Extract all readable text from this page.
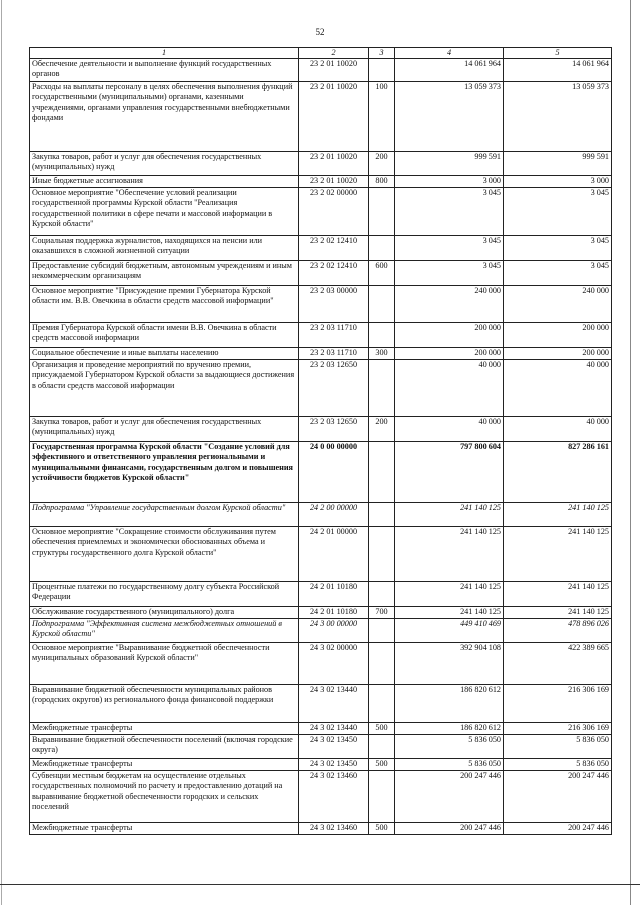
52
1	2	3	4	5
Обеспечение деятельности и выполнение функций государственных органов	23 2 01 10020		14 061 964	14 061 964
Расходы на выплаты персоналу в целях обеспечения выполнения функций государственными (муниципальными) органами, казенными учреждениями, органами управления государственными внебюджетными фондами	23 2 01 10020	100	13 059 373	13 059 373
Закупка товаров, работ и услуг для обеспечения государственных (муниципальных) нужд	23 2 01 10020	200	999 591	999 591
Иные бюджетные ассигнования	23 2 01 10020	800	3 000	3 000
Основное мероприятие "Обеспечение условий реализации государственной программы Курской области "Реализация государственной политики в сфере печати и массовой информации в Курской области"	23 2 02 00000		3 045	3 045
Социальная поддержка журналистов, находящихся на пенсии или оказавшихся в сложной жизненной ситуации	23 2 02 12410		3 045	3 045
Предоставление субсидий бюджетным, автономным учреждениям и иным некоммерческим организациям	23 2 02 12410	600	3 045	3 045
Основное мероприятие "Присуждение премии Губернатора Курской области им. В.В. Овечкина в области средств массовой информации"	23 2 03 00000		240 000	240 000
Премия Губернатора Курской области имени В.В. Овечкина в области средств массовой информации	23 2 03 11710		200 000	200 000
Социальное обеспечение и иные выплаты населению	23 2 03 11710	300	200 000	200 000
Организация и проведение мероприятий по вручению премии, присуждаемой Губернатором Курской области за выдающиеся достижения в области средств массовой информации	23 2 03 12650		40 000	40 000
Закупка товаров, работ и услуг для обеспечения государственных (муниципальных) нужд	23 2 03 12650	200	40 000	40 000
Государственная программа Курской области "Создание условий для эффективного и ответственного управления региональными и муниципальными финансами, государственным долгом и повышения устойчивости бюджетов Курской области"	24 0 00 00000		797 800 604	827 286 161
Подпрограмма "Управление государственным долгом Курской области"	24 2 00 00000		241 140 125	241 140 125
Основное мероприятие "Сокращение стоимости обслуживания путем обеспечения приемлемых и экономически обоснованных объема и структуры государственного долга Курской области"	24 2 01 00000		241 140 125	241 140 125
Процентные платежи по государственному долгу субъекта Российской Федерации	24 2 01 10180		241 140 125	241 140 125
Обслуживание государственного (муниципального) долга	24 2 01 10180	700	241 140 125	241 140 125
Подпрограмма "Эффективная система межбюджетных отношений в Курской области"	24 3 00 00000		449 410 469	478 896 026
Основное мероприятие "Выравнивание бюджетной обеспеченности муниципальных образований Курской области"	24 3 02 00000		392 904 108	422 389 665
Выравнивание бюджетной обеспеченности муниципальных районов (городских округов) из регионального фонда финансовой поддержки	24 3 02 13440		186 820 612	216 306 169
Межбюджетные трансферты	24 3 02 13440	500	186 820 612	216 306 169
Выравнивание бюджетной обеспеченности поселений (включая городские округа)	24 3 02 13450		5 836 050	5 836 050
Межбюджетные трансферты	24 3 02 13450	500	5 836 050	5 836 050
Субвенции местным бюджетам на осуществление отдельных государственных полномочий по расчету и предоставлению дотаций на выравнивание бюджетной обеспеченности городских и сельских поселений	24 3 02 13460		200 247 446	200 247 446
Межбюджетные трансферты	24 3 02 13460	500	200 247 446	200 247 446
